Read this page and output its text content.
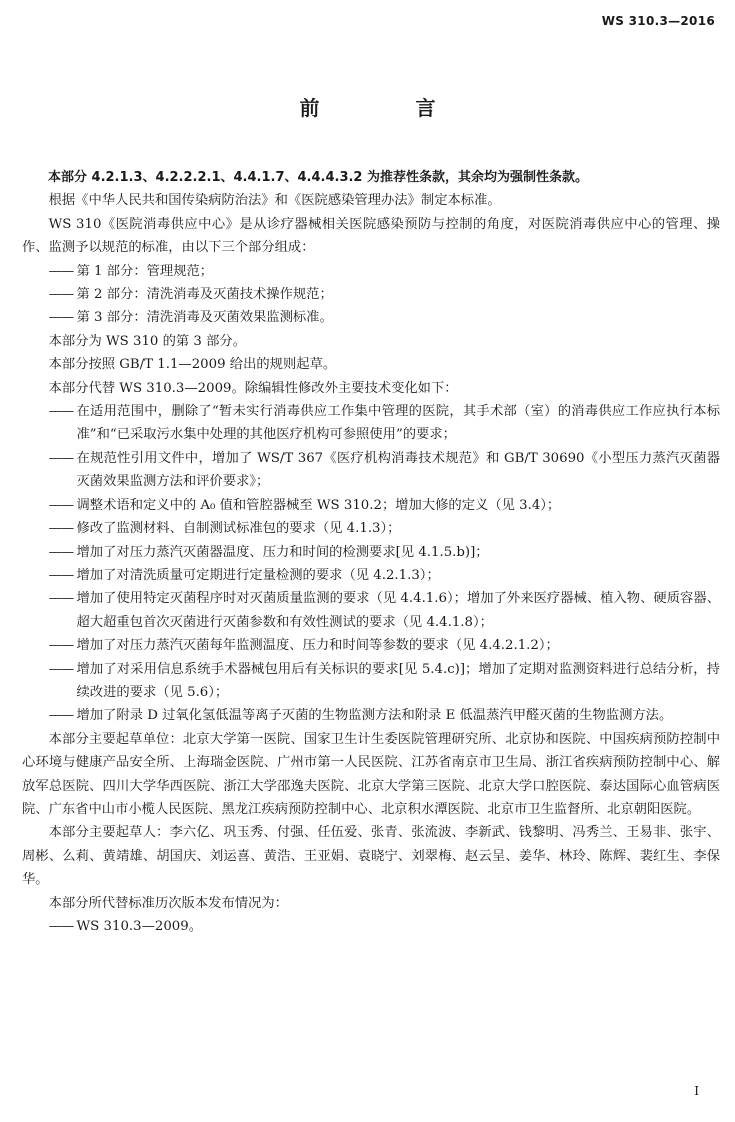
WS 310.3—2016
前　言

本部分 4.2.1.3、4.2.2.2.1、4.4.1.7、4.4.4.3.2 为推荐性条款，其余均为强制性条款。

根据《中华人民共和国传染病防治法》和《医院感染管理办法》制定本标准。

WS 310《医院消毒供应中心》是从诊疗器械相关医院感染预防与控制的角度，对医院消毒供应中心的管理、操作、监测予以规范的标准，由以下三个部分组成：

—— 第 1 部分：管理规范；

—— 第 2 部分：清洗消毒及灭菌技术操作规范；

—— 第 3 部分：清洗消毒及灭菌效果监测标准。

本部分为 WS 310 的第 3 部分。

本部分按照 GB/T 1.1—2009 给出的规则起草。

本部分代替 WS 310.3—2009。除编辑性修改外主要技术变化如下：

—— 在适用范围中，删除了“暂未实行消毒供应工作集中管理的医院，其手术部（室）的消毒供应工作应执行本标准”和“已采取污水集中处理的其他医疗机构可参照使用”的要求；

—— 在规范性引用文件中，增加了 WS/T 367《医疗机构消毒技术规范》和 GB/T 30690《小型压力蒸汽灭菌器灭菌效果监测方法和评价要求》；

—— 调整术语和定义中的 A₀ 值和管腔器械至 WS 310.2；增加大修的定义（见 3.4）；

—— 修改了监测材料、自制测试标准包的要求（见 4.1.3）；

—— 增加了对压力蒸汽灭菌器温度、压力和时间的检测要求[见 4.1.5.b)]；

—— 增加了对清洗质量可定期进行定量检测的要求（见 4.2.1.3）；

—— 增加了使用特定灭菌程序时对灭菌质量监测的要求（见 4.4.1.6）；增加了外来医疗器械、植入物、硬质容器、超大超重包首次灭菌进行灭菌参数和有效性测试的要求（见 4.4.1.8）；

—— 增加了对压力蒸汽灭菌每年监测温度、压力和时间等参数的要求（见 4.4.2.1.2）；

—— 增加了对采用信息系统手术器械包用后有关标识的要求[见 5.4.c)]；增加了定期对监测资料进行总结分析，持续改进的要求（见 5.6）；

—— 增加了附录 D 过氧化氢低温等离子灭菌的生物监测方法和附录 E 低温蒸汽甲醛灭菌的生物监测方法。

本部分主要起草单位：北京大学第一医院、国家卫生计生委医院管理研究所、北京协和医院、中国疾病预防控制中心环境与健康产品安全所、上海瑞金医院、广州市第一人民医院、江苏省南京市卫生局、浙江省疾病预防控制中心、解放军总医院、四川大学华西医院、浙江大学邵逸夫医院、北京大学第三医院、北京大学口腔医院、泰达国际心血管病医院、广东省中山市小榄人民医院、黑龙江疾病预防控制中心、北京积水潭医院、北京市卫生监督所、北京朝阳医院。

本部分主要起草人：李六亿、巩玉秀、付强、任伍爱、张青、张流波、李新武、钱黎明、冯秀兰、王易非、张宇、周彬、么莉、黄靖雄、胡国庆、刘运喜、黄浩、王亚娟、袁晓宁、刘翠梅、赵云呈、姜华、林玲、陈辉、裴红生、李保华。

本部分所代替标准历次版本发布情况为：

—— WS 310.3—2009。

I
